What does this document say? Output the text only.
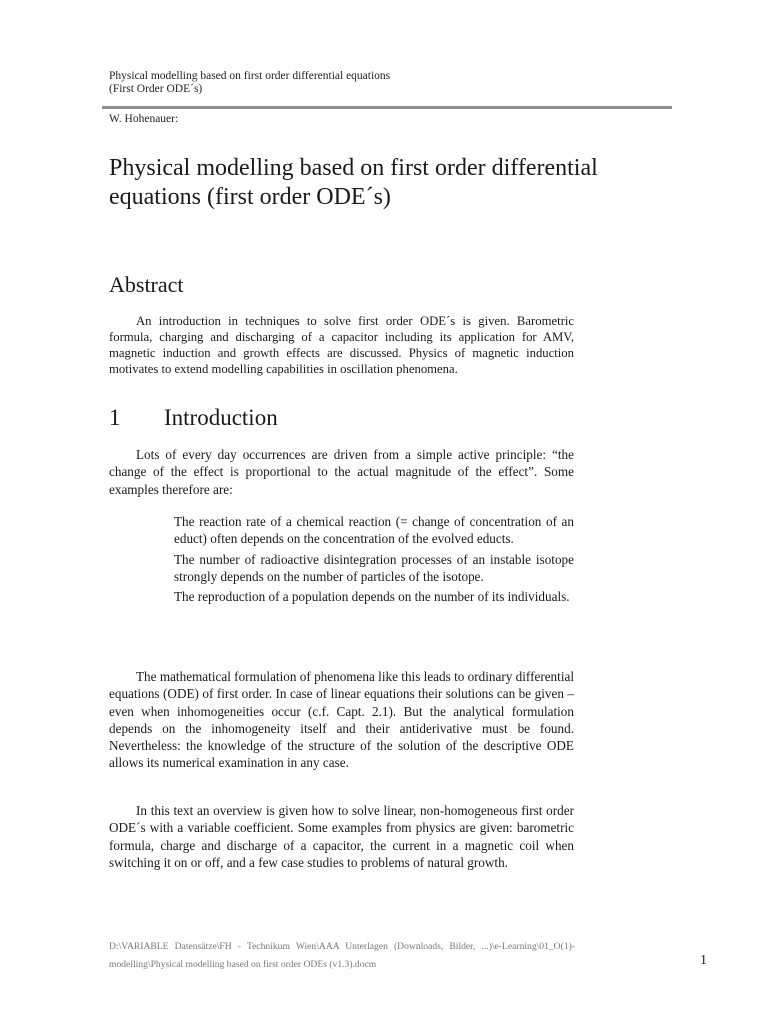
Physical modelling based on first order differential equations
(First Order ODE´s)
W. Hohenauer:
Physical modelling based on first order differential equations (first order ODE´s)
Abstract

An introduction in techniques to solve first order ODE´s is given. Barometric formula, charging and discharging of a capacitor including its application for AMV, magnetic induction and growth effects are discussed. Physics of magnetic induction motivates to extend modelling capabilities in oscillation phenomena.

1	Introduction

Lots of every day occurrences are driven from a simple active principle: “the change of the effect is proportional to the actual magnitude of the effect”. Some examples therefore are:

The reaction rate of a chemical reaction (= change of concentration of an educt) often depends on the concentration of the evolved educts.
The number of radioactive disintegration processes of an instable isotope strongly depends on the number of particles of the isotope.
The reproduction of a population depends on the number of its individuals.

The mathematical formulation of phenomena like this leads to ordinary differential equations (ODE) of first order. In case of linear equations their solutions can be given – even when inhomogeneities occur (c.f. Capt. 2.1). But the analytical formulation depends on the inhomogeneity itself and their antiderivative must be found. Nevertheless: the knowledge of the structure of the solution of the descriptive ODE allows its numerical examination in any case.

In this text an overview is given how to solve linear, non-homogeneous first order ODE´s with a variable coefficient. Some examples from physics are given: barometric formula, charge and discharge of a capacitor, the current in a magnetic coil when switching it on or off, and a few case studies to problems of natural growth.

D:\VARIABLE Datensätze\FH - Technikum Wien\AAA Unterlagen (Downloads, Bilder, ...)\e-Learning\01_O(1)-modelling\Physical modelling based on first order ODEs (v1.3).docm	1
